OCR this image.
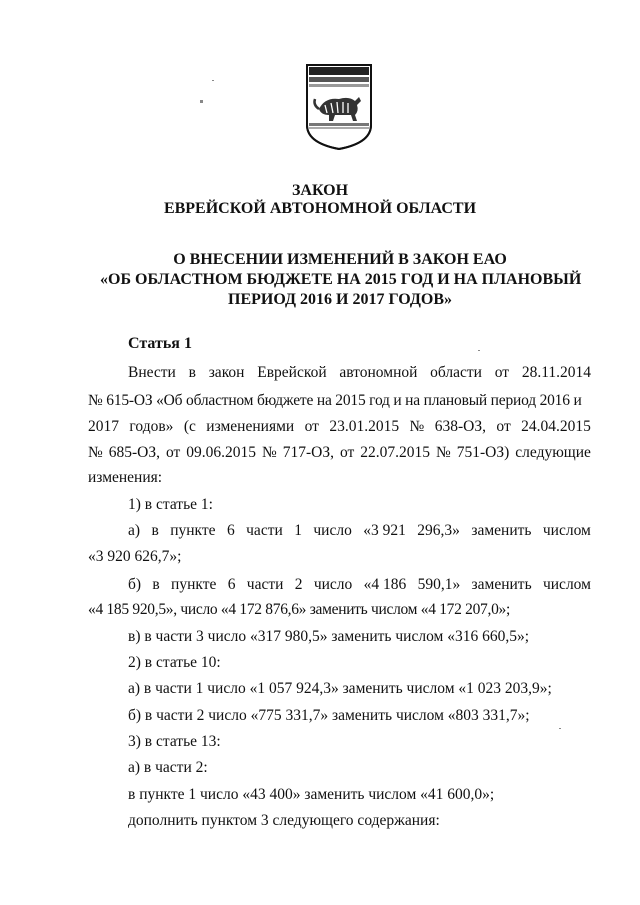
ЗАКОН
ЕВРЕЙСКОЙ АВТОНОМНОЙ ОБЛАСТИ
О ВНЕСЕНИИ ИЗМЕНЕНИЙ В ЗАКОН ЕАО
«ОБ ОБЛАСТНОМ БЮДЖЕТЕ НА 2015 ГОД И НА ПЛАНОВЫЙ
ПЕРИОД 2016 И 2017 ГОДОВ»
Статья 1
Внести в закон Еврейской автономной области от 28.11.2014
№ 615-ОЗ «Об областном бюджете на 2015 год и на плановый период 2016 и
2017 годов» (с изменениями от 23.01.2015 № 638-ОЗ, от 24.04.2015
№ 685-ОЗ, от 09.06.2015 № 717-ОЗ, от 22.07.2015 № 751-ОЗ) следующие
изменения:
1) в статье 1:
а) в пункте 6 части 1 число «3 921 296,3» заменить числом
«3 920 626,7»;
б) в пункте 6 части 2 число «4 186 590,1» заменить числом
«4 185 920,5», число «4 172 876,6» заменить числом «4 172 207,0»;
в) в части 3 число «317 980,5» заменить числом «316 660,5»;
2) в статье 10:
а) в части 1 число «1 057 924,3» заменить числом «1 023 203,9»;
б) в части 2 число «775 331,7» заменить числом «803 331,7»;
3) в статье 13:
а) в части 2:
в пункте 1 число «43 400» заменить числом «41 600,0»;
дополнить пунктом 3 следующего содержания:
